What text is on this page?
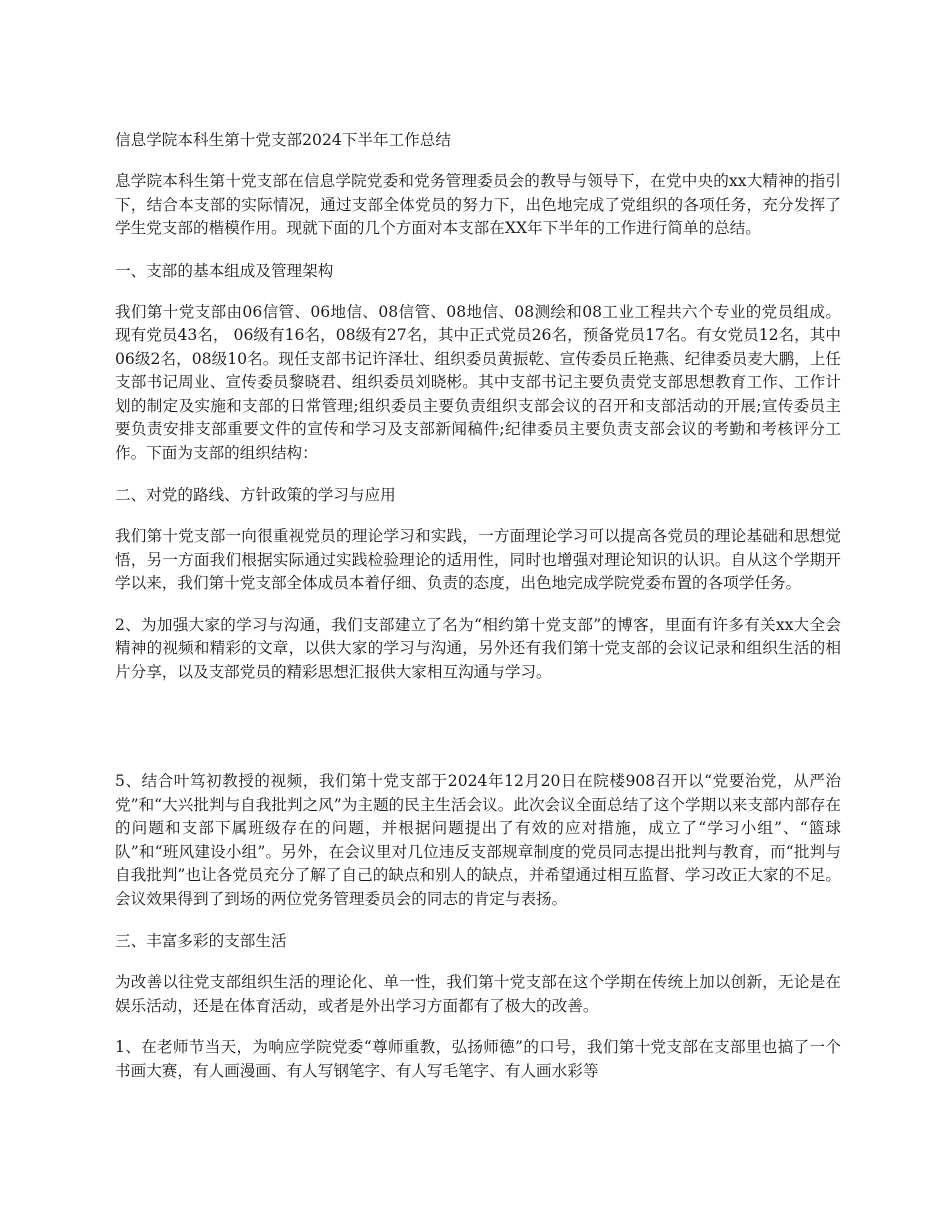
信息学院本科生第十党支部2024下半年工作总结

息学院本科生第十党支部在信息学院党委和党务管理委员会的教导与领导下，在党中央的xx大精神的指引下，结合本支部的实际情况，通过支部全体党员的努力下，出色地完成了党组织的各项任务，充分发挥了学生党支部的楷模作用。现就下面的几个方面对本支部在XX年下半年的工作进行简单的总结。

一、支部的基本组成及管理架构

我们第十党支部由06信管、06地信、08信管、08地信、08测绘和08工业工程共六个专业的党员组成。现有党员43名， 06级有16名，08级有27名，其中正式党员26名，预备党员17名。有女党员12名，其中06级2名，08级10名。现任支部书记许泽壮、组织委员黄振乾、宣传委员丘艳燕、纪律委员麦大鹏，上任支部书记周业、宣传委员黎晓君、组织委员刘晓彬。其中支部书记主要负责党支部思想教育工作、工作计划的制定及实施和支部的日常管理;组织委员主要负责组织支部会议的召开和支部活动的开展;宣传委员主要负责安排支部重要文件的宣传和学习及支部新闻稿件;纪律委员主要负责支部会议的考勤和考核评分工作。下面为支部的组织结构：

二、对党的路线、方针政策的学习与应用

我们第十党支部一向很重视党员的理论学习和实践，一方面理论学习可以提高各党员的理论基础和思想觉悟，另一方面我们根据实际通过实践检验理论的适用性，同时也增强对理论知识的认识。自从这个学期开学以来，我们第十党支部全体成员本着仔细、负责的态度，出色地完成学院党委布置的各项学任务。

2、为加强大家的学习与沟通，我们支部建立了名为“相约第十党支部”的博客，里面有许多有关xx大全会精神的视频和精彩的文章，以供大家的学习与沟通，另外还有我们第十党支部的会议记录和组织生活的相片分享，以及支部党员的精彩思想汇报供大家相互沟通与学习。

5、结合叶笃初教授的视频，我们第十党支部于2024年12月20日在院楼908召开以“党要治党，从严治党”和“大兴批判与自我批判之风”为主题的民主生活会议。此次会议全面总结了这个学期以来支部内部存在的问题和支部下属班级存在的问题，并根据问题提出了有效的应对措施，成立了“学习小组”、“篮球队”和“班风建设小组”。另外，在会议里对几位违反支部规章制度的党员同志提出批判与教育，而“批判与自我批判”也让各党员充分了解了自己的缺点和别人的缺点，并希望通过相互监督、学习改正大家的不足。会议效果得到了到场的两位党务管理委员会的同志的肯定与表扬。

三、丰富多彩的支部生活

为改善以往党支部组织生活的理论化、单一性，我们第十党支部在这个学期在传统上加以创新，无论是在娱乐活动，还是在体育活动，或者是外出学习方面都有了极大的改善。

1、在老师节当天，为响应学院党委“尊师重教，弘扬师德”的口号，我们第十党支部在支部里也搞了一个书画大赛，有人画漫画、有人写钢笔字、有人写毛笔字、有人画水彩等
